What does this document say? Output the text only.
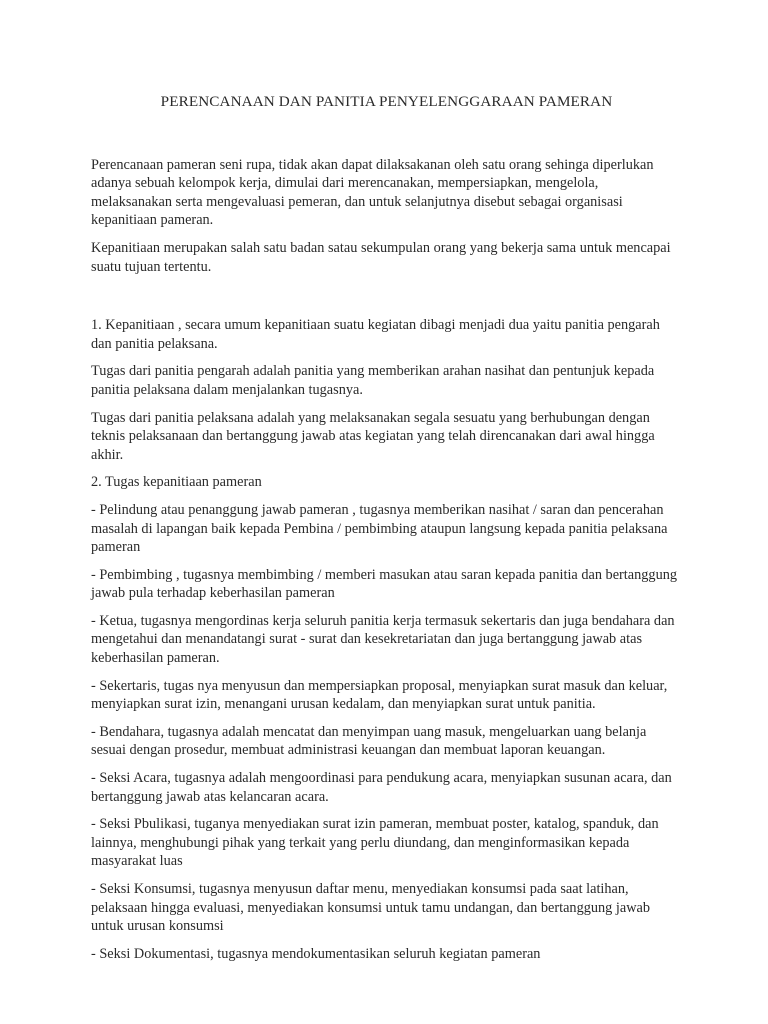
PERENCANAAN DAN PANITIA PENYELENGGARAAN PAMERAN

Perencanaan pameran seni rupa, tidak akan dapat dilaksakanan oleh satu orang sehinga diperlukan adanya sebuah kelompok kerja, dimulai dari merencanakan, mempersiapkan, mengelola, melaksanakan serta mengevaluasi pemeran, dan untuk selanjutnya disebut sebagai organisasi kepanitiaan pameran.

Kepanitiaan merupakan salah satu badan satau sekumpulan orang yang bekerja sama untuk mencapai suatu tujuan tertentu.

1. Kepanitiaan , secara umum kepanitiaan suatu kegiatan dibagi menjadi dua yaitu panitia pengarah dan panitia pelaksana.

Tugas dari panitia pengarah adalah panitia yang memberikan arahan nasihat dan pentunjuk kepada panitia pelaksana dalam menjalankan tugasnya.

Tugas dari panitia pelaksana adalah yang melaksanakan segala sesuatu yang berhubungan dengan teknis pelaksanaan dan bertanggung jawab atas kegiatan yang telah direncanakan dari awal hingga akhir.

2. Tugas kepanitiaan pameran

- Pelindung atau penanggung jawab pameran , tugasnya memberikan nasihat / saran dan pencerahan masalah di lapangan baik kepada Pembina / pembimbing ataupun langsung kepada panitia pelaksana pameran

- Pembimbing , tugasnya membimbing / memberi masukan atau saran kepada panitia dan bertanggung jawab pula terhadap keberhasilan pameran

- Ketua, tugasnya mengordinas kerja seluruh panitia kerja termasuk sekertaris dan juga bendahara dan mengetahui dan menandatangi surat - surat dan kesekretariatan dan juga bertanggung jawab atas keberhasilan pameran.

- Sekertaris, tugas nya menyusun dan mempersiapkan proposal, menyiapkan surat masuk dan keluar, menyiapkan surat izin, menangani urusan kedalam, dan menyiapkan surat untuk panitia.

- Bendahara, tugasnya adalah mencatat dan menyimpan uang masuk, mengeluarkan uang belanja sesuai dengan prosedur, membuat administrasi keuangan dan membuat laporan keuangan.

- Seksi Acara, tugasnya adalah mengoordinasi para pendukung acara, menyiapkan susunan acara, dan bertanggung jawab atas kelancaran acara.

- Seksi Pbulikasi, tuganya menyediakan surat izin pameran, membuat poster, katalog, spanduk, dan lainnya, menghubungi pihak yang terkait yang perlu diundang, dan menginformasikan kepada masyarakat luas

- Seksi Konsumsi, tugasnya menyusun daftar menu, menyediakan konsumsi pada saat latihan, pelaksaan hingga evaluasi, menyediakan konsumsi untuk tamu undangan, dan bertanggung jawab untuk urusan konsumsi

- Seksi Dokumentasi, tugasnya mendokumentasikan seluruh kegiatan pameran
